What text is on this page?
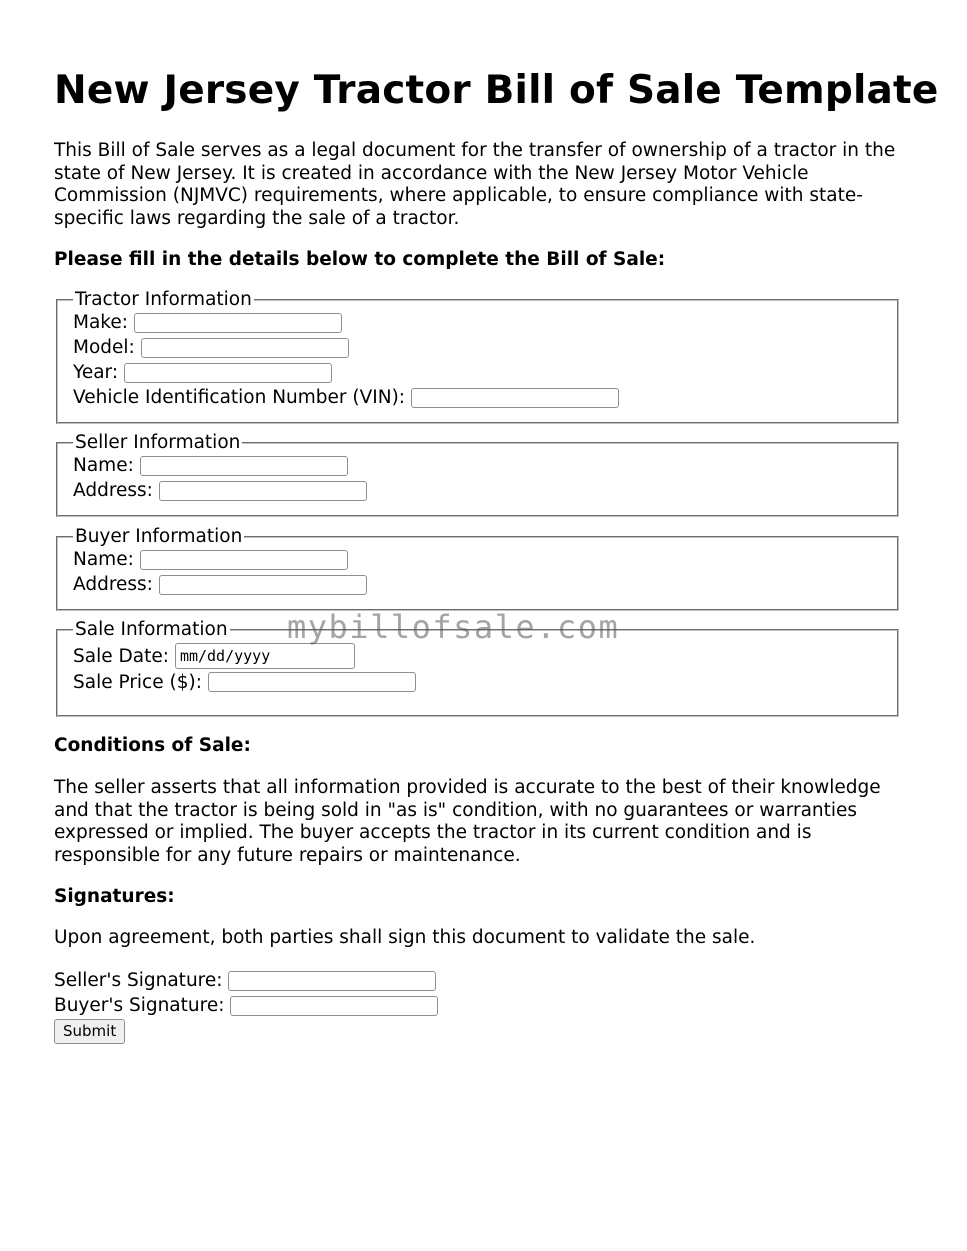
New Jersey Tractor Bill of Sale Template

This Bill of Sale serves as a legal document for the transfer of ownership of a tractor in the state of New Jersey. It is created in accordance with the New Jersey Motor Vehicle Commission (NJMVC) requirements, where applicable, to ensure compliance with state-specific laws regarding the sale of a tractor.

Please fill in the details below to complete the Bill of Sale:

Tractor Information
Make:
Model:
Year:
Vehicle Identification Number (VIN):
Seller Information
Name:
Address:
Buyer Information
Name:
Address:
Sale Information
Sale Date: mm/dd/yyyy
Sale Price ($):

Conditions of Sale:

The seller asserts that all information provided is accurate to the best of their knowledge and that the tractor is being sold in "as is" condition, with no guarantees or warranties expressed or implied. The buyer accepts the tractor in its current condition and is responsible for any future repairs or maintenance.

Signatures:

Upon agreement, both parties shall sign this document to validate the sale.

Seller's Signature:
Buyer's Signature:
Submit
mybillofsale.com
